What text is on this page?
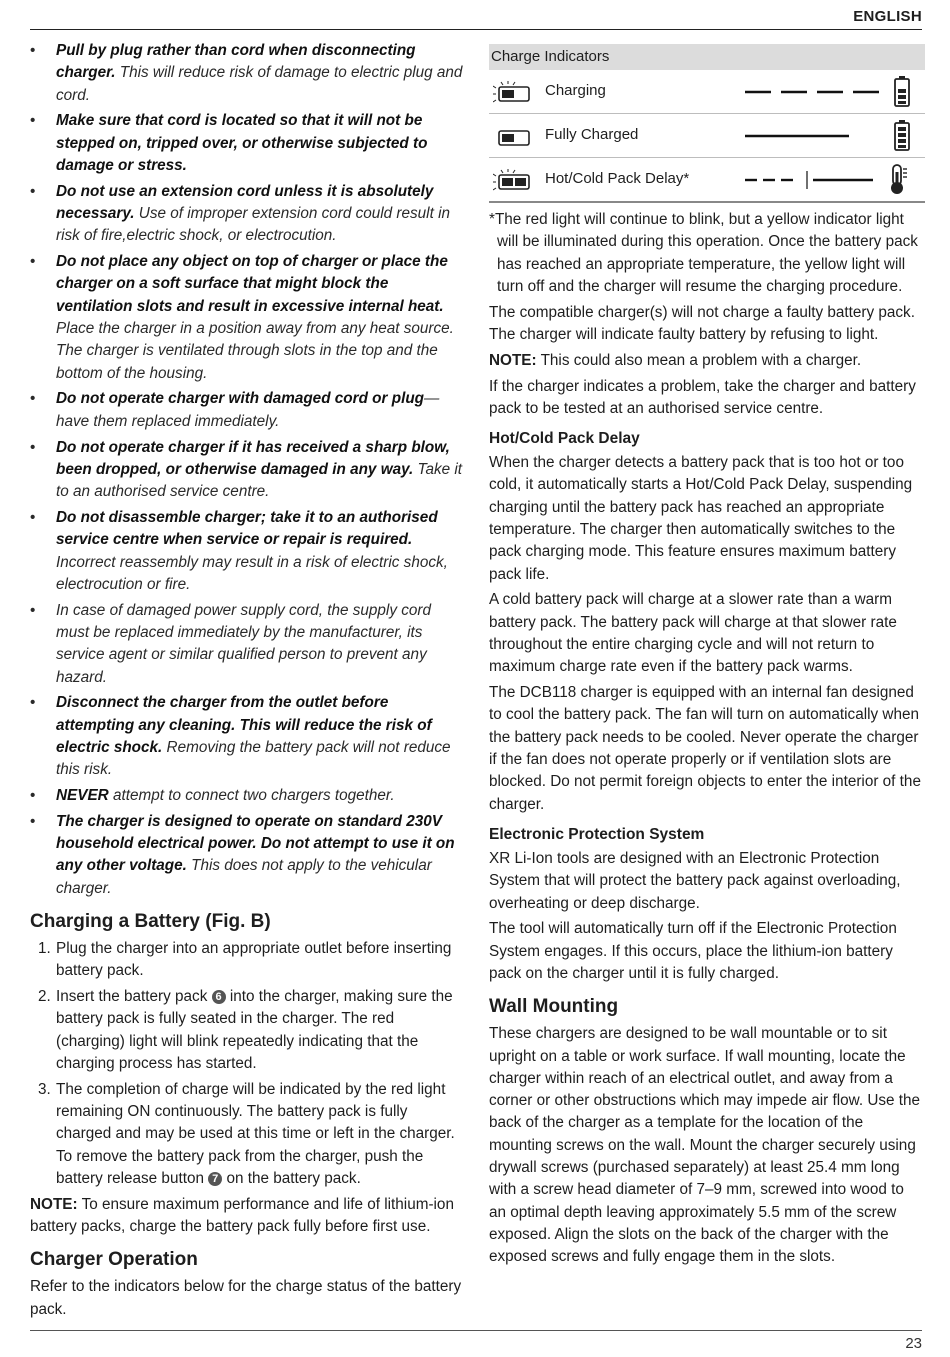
ENGLISH
• Pull by plug rather than cord when disconnecting charger. This will reduce risk of damage to electric plug and cord.
• Make sure that cord is located so that it will not be stepped on, tripped over, or otherwise subjected to damage or stress.
• Do not use an extension cord unless it is absolutely necessary. Use of improper extension cord could result in risk of fire,electric shock, or electrocution.
• Do not place any object on top of charger or place the charger on a soft surface that might block the ventilation slots and result in excessive internal heat. Place the charger in a position away from any heat source. The charger is ventilated through slots in the top and the bottom of the housing.
• Do not operate charger with damaged cord or plug—have them replaced immediately.
• Do not operate charger if it has received a sharp blow, been dropped, or otherwise damaged in any way. Take it to an authorised service centre.
• Do not disassemble charger; take it to an authorised service centre when service or repair is required. Incorrect reassembly may result in a risk of electric shock, electrocution or fire.
• In case of damaged power supply cord, the supply cord must be replaced immediately by the manufacturer, its service agent or similar qualified person to prevent any hazard.
• Disconnect the charger from the outlet before attempting any cleaning. This will reduce the risk of electric shock. Removing the battery pack will not reduce this risk.
• NEVER attempt to connect two chargers together.
• The charger is designed to operate on standard 230V household electrical power. Do not attempt to use it on any other voltage. This does not apply to the vehicular charger.
Charging a Battery (Fig. B)
1. Plug the charger into an appropriate outlet before inserting battery pack.
2. Insert the battery pack 6 into the charger, making sure the battery pack is fully seated in the charger. The red (charging) light will blink repeatedly indicating that the charging process has started.
3. The completion of charge will be indicated by the red light remaining ON continuously. The battery pack is fully charged and may be used at this time or left in the charger. To remove the battery pack from the charger, push the battery release button 7 on the battery pack.

NOTE: To ensure maximum performance and life of lithium-ion battery packs, charge the battery pack fully before first use.

Charger Operation

Refer to the indicators below for the charge status of the battery pack.

Charge Indicators
Charging
Fully Charged
Hot/Cold Pack Delay*

*The red light will continue to blink, but a yellow indicator light will be illuminated during this operation. Once the battery pack has reached an appropriate temperature, the yellow light will turn off and the charger will resume the charging procedure.

The compatible charger(s) will not charge a faulty battery pack. The charger will indicate faulty battery by refusing to light.

NOTE: This could also mean a problem with a charger.

If the charger indicates a problem, take the charger and battery pack to be tested at an authorised service centre.

Hot/Cold Pack Delay

When the charger detects a battery pack that is too hot or too cold, it automatically starts a Hot/Cold Pack Delay, suspending charging until the battery pack has reached an appropriate temperature. The charger then automatically switches to the pack charging mode. This feature ensures maximum battery pack life.

A cold battery pack will charge at a slower rate than a warm battery pack. The battery pack will charge at that slower rate throughout the entire charging cycle and will not return to maximum charge rate even if the battery pack warms.

The DCB118 charger is equipped with an internal fan designed to cool the battery pack. The fan will turn on automatically when the battery pack needs to be cooled. Never operate the charger if the fan does not operate properly or if ventilation slots are blocked. Do not permit foreign objects to enter the interior of the charger.

Electronic Protection System

XR Li-Ion tools are designed with an Electronic Protection System that will protect the battery pack against overloading, overheating or deep discharge.

The tool will automatically turn off if the Electronic Protection System engages. If this occurs, place the lithium-ion battery pack on the charger until it is fully charged.

Wall Mounting

These chargers are designed to be wall mountable or to sit upright on a table or work surface. If wall mounting, locate the charger within reach of an electrical outlet, and away from a corner or other obstructions which may impede air flow. Use the back of the charger as a template for the location of the mounting screws on the wall. Mount the charger securely using drywall screws (purchased separately) at least 25.4 mm long with a screw head diameter of 7–9 mm, screwed into wood to an optimal depth leaving approximately 5.5 mm of the screw exposed. Align the slots on the back of the charger with the exposed screws and fully engage them in the slots.

23
